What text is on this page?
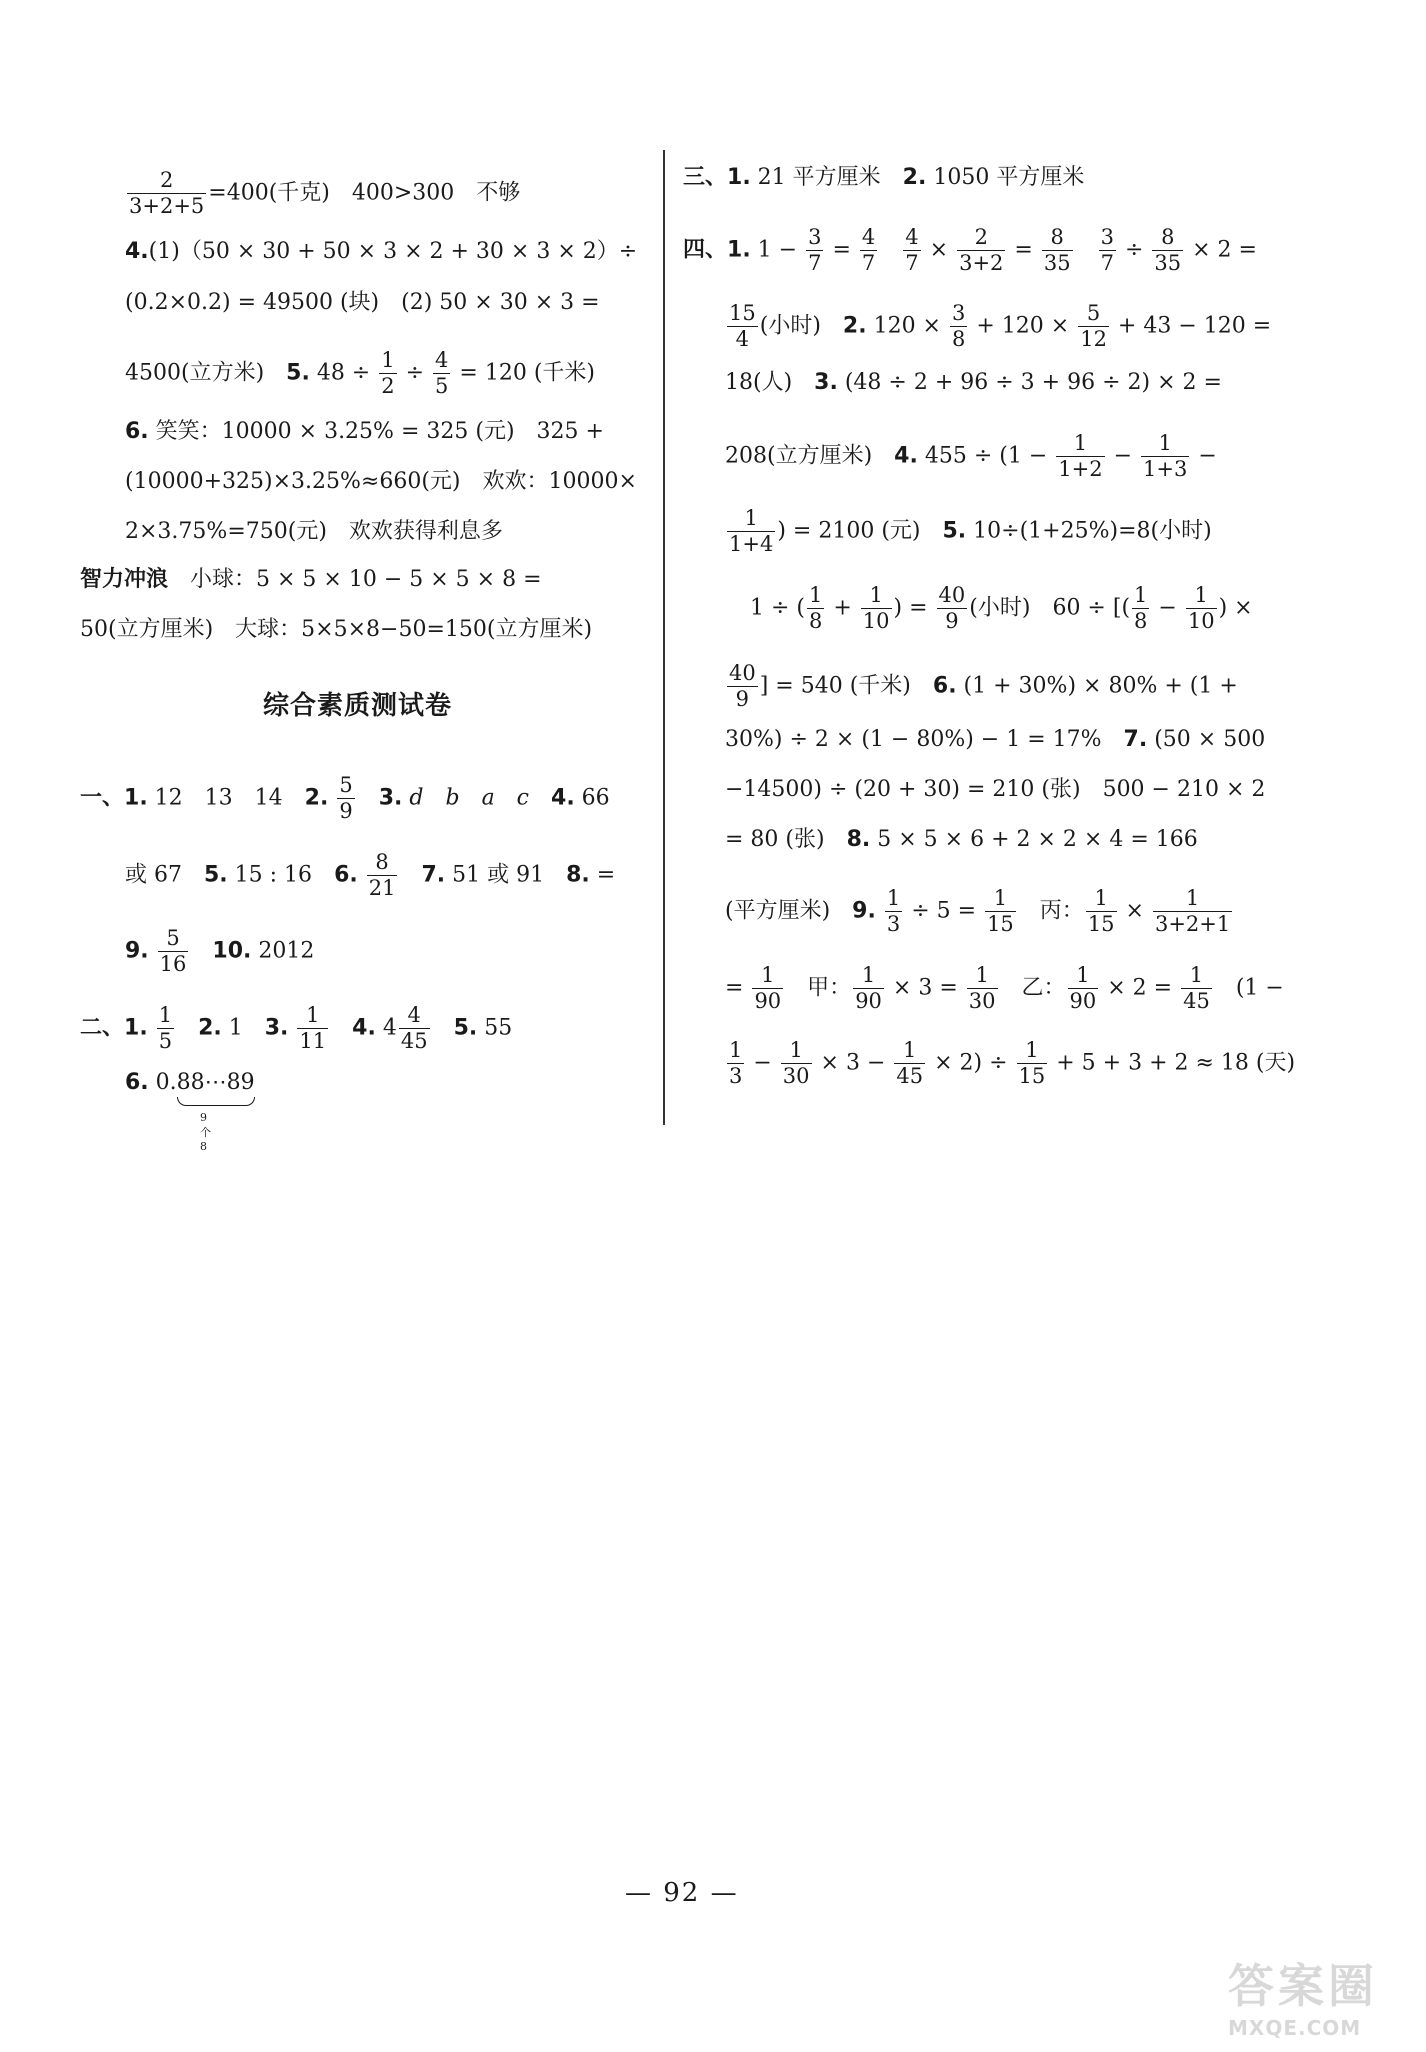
$\frac{2}{3+2+5} =400$(千克)　400>300　不够
4.(1)（50 × 30 + 50 × 3 × 2 + 30 × 3 × 2）÷
(0.2×0.2) = 49500 (块)　(2) 50 × 30 × 3 =
4500(立方米)　5. $48 \div \frac{1}{2} \div \frac{4}{5} = 120$ (千米)
6. 笑笑：10000 × 3.25% = 325 (元)　325 +
(10000+325)×3.25%≈660(元)　欢欢：10000×
2×3.75%=750(元)　欢欢获得利息多
智力冲浪　小球：5 × 5 × 10 − 5 × 5 × 8 =
50(立方厘米)　大球：5×5×8−50=150(立方厘米)
综合素质测试卷
一、1. 12　13　14　2. $\frac{5}{9}$
　 3. d　b　a　c　4. 66
或 67　5. 15 : 16　6. $\frac{8}{21}$
　 7. 51 或 91　8. =
9. $\frac{5}{16}$
　 10. 2012
二、1. $\frac{1}{5}$
　 2. 1　3. $\frac{1}{11}$
　 4. $4 \frac{4}{45}$
　 5. 55
6. 0.88⋯89
9个8
三、1. 21 平方厘米　2. 1050 平方厘米
四、1. $1 - \frac{3}{7} = \frac{4}{7}$
　 $\frac{4}{7} \times \frac{2}{3+2} = \frac{8}{35}$
　 $\frac{3}{7} \div \frac{8}{35} \times 2$ =
$\frac{15}{4}$ (小时)　2. $120 \times \frac{3}{8} + 120 \times \frac{5}{12} + 43 - 120$ =
18(人)　3. (48 ÷ 2 + 96 ÷ 3 + 96 ÷ 2) × 2 =
208(立方厘米)　4. $455 \div (1 - \frac{1}{1+2} - \frac{1}{1+3}$ −
$\frac{1}{1+4}$ ) = 2100 (元)　5. 10÷(1+25%)=8(小时)
1 ÷ ( $\frac{1}{8} + \frac{1}{10}$ ) = $\frac{40}{9}$ (小时)　60 ÷ [( $\frac{1}{8} - \frac{1}{10}$ ) ×
$\frac{40}{9}$ ] = 540 (千米)　6. (1 + 30%) × 80% + (1 +
30%) ÷ 2 × (1 − 80%) − 1 = 17%　7. (50 × 500
−14500) ÷ (20 + 30) = 210 (张)　500 − 210 × 2
= 80 (张)　8. 5 × 5 × 6 + 2 × 2 × 4 = 166
(平方厘米)　9. $\frac{1}{3} \div 5 = \frac{1}{15}$ 　丙： $\frac{1}{15} \times \frac{1}{3+2+1}$
= $\frac{1}{90}$ 　甲： $\frac{1}{90} \times 3 = \frac{1}{30}$ 　乙： $\frac{1}{90} \times 2 = \frac{1}{45}$ 　(1 −
$\frac{1}{3} - \frac{1}{30} \times 3 - \frac{1}{45} \times 2) \div \frac{1}{15} + 5 + 3 + 2 \approx 18$ (天)
— 92 —
答案圈
MXQE.COM
